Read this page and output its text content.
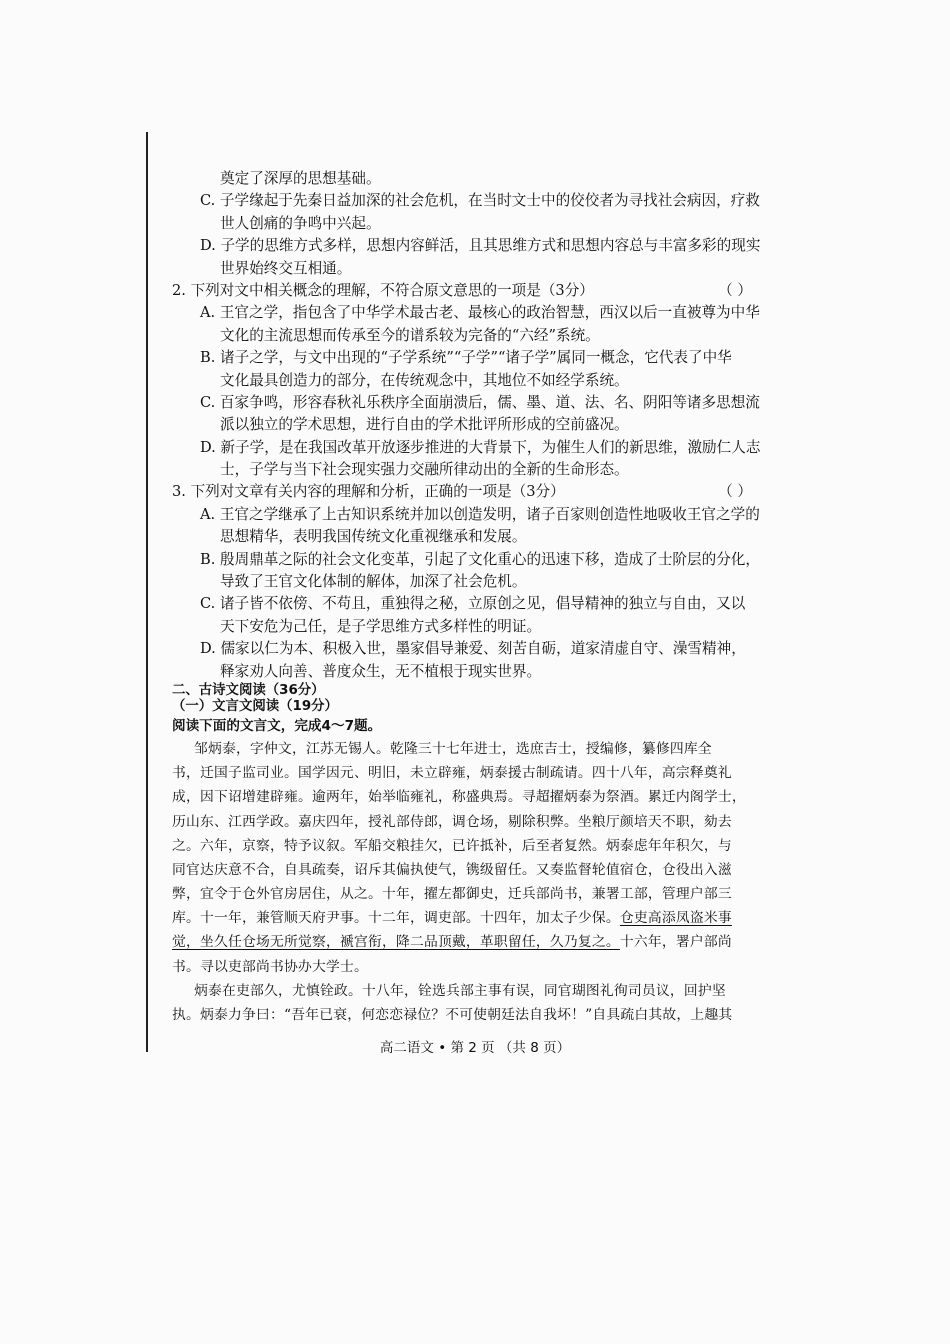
奠定了深厚的思想基础。
C. 子学缘起于先秦日益加深的社会危机，在当时文士中的佼佼者为寻找社会病因，疗救
世人创痛的争鸣中兴起。
D. 子学的思维方式多样，思想内容鲜活，且其思维方式和思想内容总与丰富多彩的现实
世界始终交互相通。
2. 下列对文中相关概念的理解，不符合原文意思的一项是（3分）	（ ）
A. 王官之学，指包含了中华学术最古老、最核心的政治智慧，西汉以后一直被尊为中华
文化的主流思想而传承至今的谱系较为完备的“六经”系统。
B. 诸子之学，与文中出现的“子学系统”“子学”“诸子学”属同一概念，它代表了中华
文化最具创造力的部分，在传统观念中，其地位不如经学系统。
C. 百家争鸣，形容春秋礼乐秩序全面崩溃后，儒、墨、道、法、名、阴阳等诸多思想流
派以独立的学术思想，进行自由的学术批评所形成的空前盛况。
D. 新子学，是在我国改革开放逐步推进的大背景下，为催生人们的新思维，激励仁人志
士，子学与当下社会现实强力交融所律动出的全新的生命形态。
3. 下列对文章有关内容的理解和分析，正确的一项是（3分）	（ ）
A. 王官之学继承了上古知识系统并加以创造发明，诸子百家则创造性地吸收王官之学的
思想精华，表明我国传统文化重视继承和发展。
B. 殷周鼎革之际的社会文化变革，引起了文化重心的迅速下移，造成了士阶层的分化，
导致了王官文化体制的解体，加深了社会危机。
C. 诸子皆不依傍、不苟且，重独得之秘，立原创之见，倡导精神的独立与自由，又以
天下安危为己任，是子学思维方式多样性的明证。
D. 儒家以仁为本、积极入世，墨家倡导兼爱、刻苦自砺，道家清虚自守、澡雪精神，
释家劝人向善、普度众生，无不植根于现实世界。
二、古诗文阅读（36分）
（一）文言文阅读（19分）
阅读下面的文言文，完成4～7题。
邹炳泰，字仲文，江苏无锡人。乾隆三十七年进士，选庶吉士，授编修，纂修四库全
书，迁国子监司业。国学因元、明旧，未立辟雍，炳泰援古制疏请。四十八年，高宗释奠礼
成，因下诏增建辟雍。逾两年，始举临雍礼，称盛典焉。寻超擢炳泰为祭酒。累迁内阁学士，
历山东、江西学政。嘉庆四年，授礼部侍郎，调仓场，剔除积弊。坐粮厅颜培天不职，劾去
之。六年，京察，特予议叙。军船交粮挂欠，已许抵补，后至者复然。炳泰虑年年积欠，与
同官达庆意不合，自具疏奏，诏斥其偏执使气，镌级留任。又奏监督轮值宿仓，仓役出入滋
弊，宜令于仓外官房居住，从之。十年，擢左都御史，迁兵部尚书，兼署工部，管理户部三
库。十一年，兼管顺天府尹事。十二年，调吏部。十四年，加太子少保。仓吏高添凤盗米事
觉，坐久任仓场无所觉察，褫宫衔，降二品顶戴，革职留任，久乃复之。十六年，署户部尚
书。寻以吏部尚书协办大学士。
炳泰在吏部久，尤慎铨政。十八年，铨选兵部主事有误，同官瑚图礼徇司员议，回护坚
执。炳泰力争曰：“吾年已衰，何恋恋禄位？不可使朝廷法自我坏！”自具疏白其故，上趣其
高二语文 • 第 2 页 （共 8 页）
